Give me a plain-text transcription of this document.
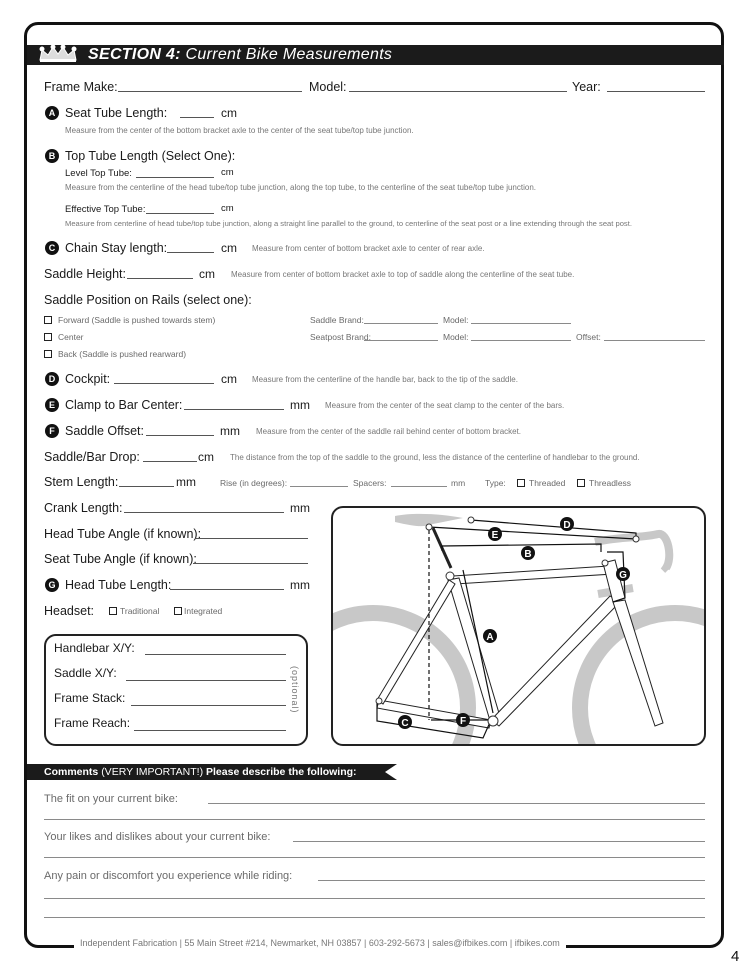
SECTION 4: Current Bike Measurements
Frame Make:	Model:	Year:
A Seat Tube Length:	cm
Measure from the center of the bottom bracket axle to the center of the seat tube/top tube junction.
B Top Tube Length (Select One):
Level Top Tube:	cm
Measure from the centerline of the head tube/top tube junction, along the top tube, to the centerline of the seat tube/top tube junction.
Effective Top Tube:	cm
Measure from centerline of head tube/top tube junction, along a straight line parallel to the ground, to centerline of the seat post or a line extending through the seat post.
C Chain Stay length:	cm Measure from center of bottom bracket axle to center of rear axle.
Saddle Height:	cm Measure from center of bottom bracket axle to top of saddle along the centerline of the seat tube.
Saddle Position on Rails (select one):
Forward (Saddle is pushed towards stem)
Center
Back (Saddle is pushed rearward)
Saddle Brand:	Model:
Seatpost Brand:	Model:	Offset:
D Cockpit:	cm Measure from the centerline of the handle bar, back to the tip of the saddle.
E Clamp to Bar Center:	mm Measure from the center of the seat clamp to the center of the bars.
F Saddle Offset:	mm Measure from the center of the saddle rail behind center of bottom bracket.
Saddle/Bar Drop:	cm The distance from the top of the saddle to the ground, less the distance of the centerline of handlebar to the ground.
Stem Length:	mm	Rise (in degrees):	Spacers:	mm Type:	Threaded	Threadless
Crank Length:	mm
Head Tube Angle (if known):
Seat Tube Angle (if known):
G Head Tube Length:	mm
Headset:	Traditional	Integrated
Handlebar X/Y:
Saddle X/Y:
Frame Stack:
Frame Reach:
(optional)
D
E
B
G
A
C	F
Comments (VERY IMPORTANT!) Please describe the following:
The fit on your current bike:
Your likes and dislikes about your current bike:
Any pain or discomfort you experience while riding:
Independent Fabrication | 55 Main Street #214, Newmarket, NH 03857 | 603-292-5673 | sales@ifbikes.com | ifbikes.com
4
